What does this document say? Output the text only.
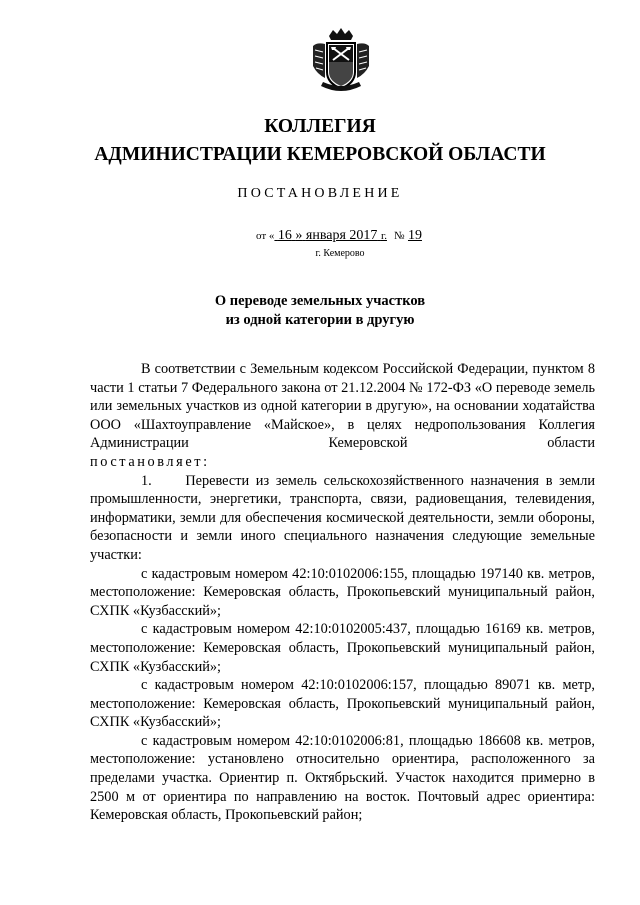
КОЛЛЕГИЯ
АДМИНИСТРАЦИИ КЕМЕРОВСКОЙ ОБЛАСТИ
ПОСТАНОВЛЕНИЕ
от « 16 » января 2017 г. № 19
г. Кемерово
О переводе земельных участков
из одной категории в другую

В соответствии с Земельным кодексом Российской Федерации, пунктом 8 части 1 статьи 7 Федерального закона от 21.12.2004 № 172-ФЗ «О переводе земель или земельных участков из одной категории в другую», на основании ходатайства ООО «Шахтоуправление «Майское», в целях недропользования Коллегия Администрации Кемеровской области

постановляет:

1. Перевести из земель сельскохозяйственного назначения в земли промышленности, энергетики, транспорта, связи, радиовещания, телевидения, информатики, земли для обеспечения космической деятельности, земли обороны, безопасности и земли иного специального назначения следующие земельные участки:

с кадастровым номером 42:10:0102006:155, площадью 197140 кв. метров, местоположение: Кемеровская область, Прокопьевский муниципальный район, СХПК «Кузбасский»;

с кадастровым номером 42:10:0102005:437, площадью 16169 кв. метров, местоположение: Кемеровская область, Прокопьевский муниципальный район, СХПК «Кузбасский»;

с кадастровым номером 42:10:0102006:157, площадью 89071 кв. метр, местоположение: Кемеровская область, Прокопьевский муниципальный район, СХПК «Кузбасский»;

с кадастровым номером 42:10:0102006:81, площадью 186608 кв. метров, местоположение: установлено относительно ориентира, расположенного за пределами участка. Ориентир п. Октябрьский. Участок находится примерно в 2500 м от ориентира по направлению на восток. Почтовый адрес ориентира: Кемеровская область, Прокопьевский район;
